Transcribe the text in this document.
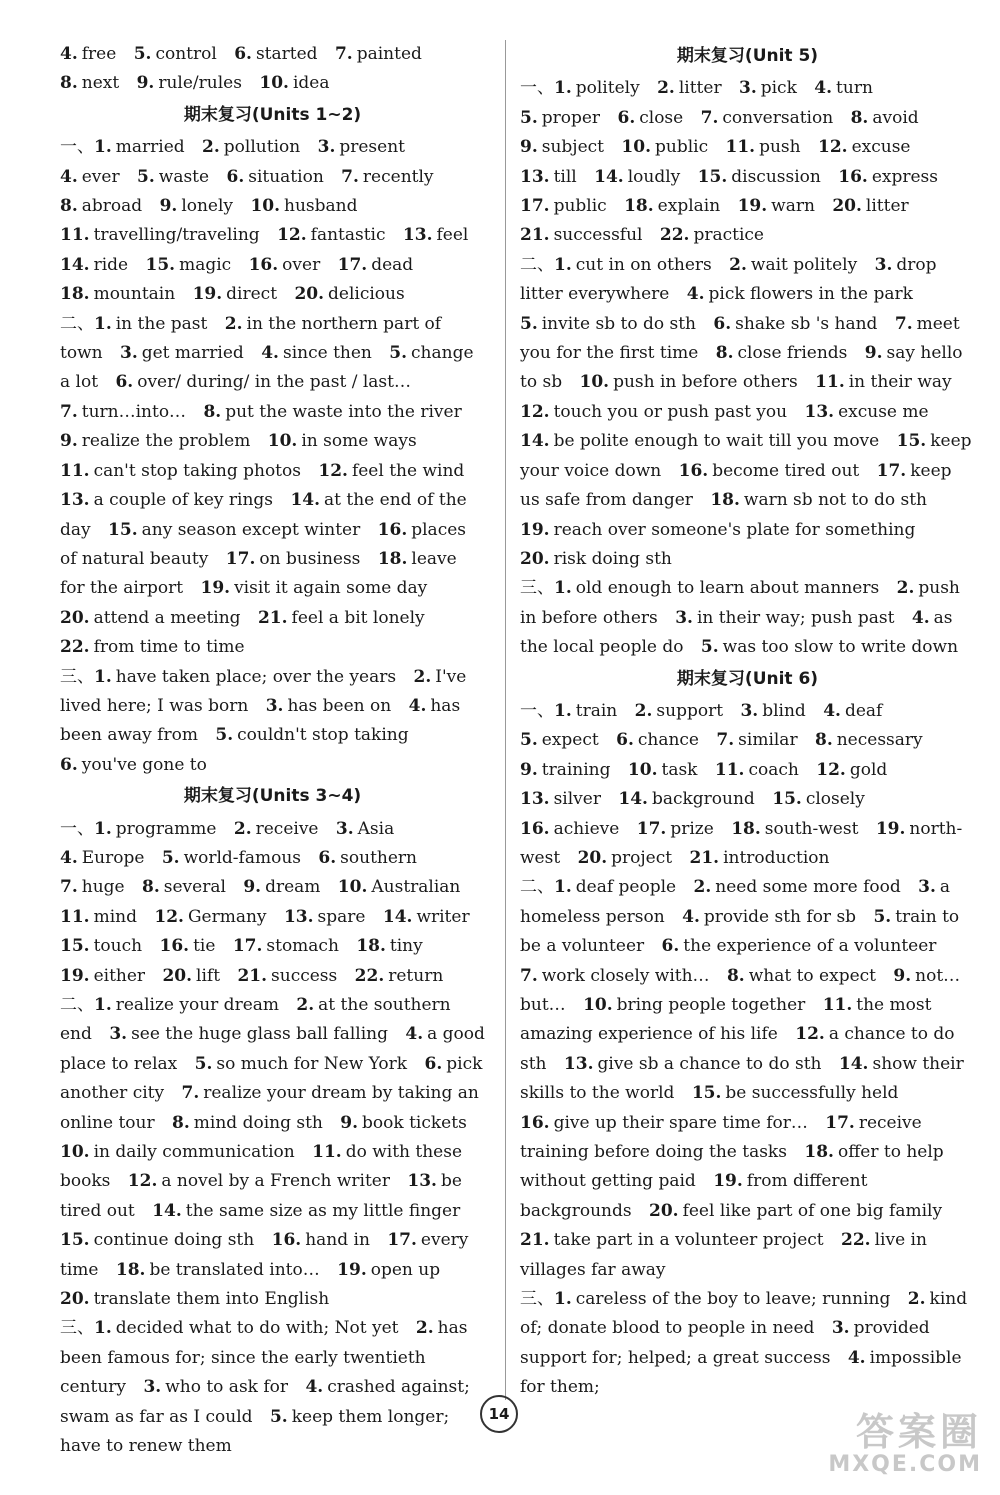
4. free 5. control 6. started 7. painted 8. next 9. rule/rules 10. idea
期末复习(Units 1~2)
一、1. married 2. pollution 3. present 4. ever 5. waste 6. situation 7. recently 8. abroad 9. lonely 10. husband 11. travelling/traveling 12. fantastic 13. feel 14. ride 15. magic 16. over 17. dead 18. mountain 19. direct 20. delicious
二、1. in the past 2. in the northern part of town 3. get married 4. since then 5. change a lot 6. over/ during/ in the past / last… 7. turn…into… 8. put the waste into the river 9. realize the problem 10. in some ways 11. can't stop taking photos 12. feel the wind 13. a couple of key rings 14. at the end of the day 15. any season except winter 16. places of natural beauty 17. on business 18. leave for the airport 19. visit it again some day 20. attend a meeting 21. feel a bit lonely 22. from time to time
三、1. have taken place; over the years 2. I've lived here; I was born 3. has been on 4. has been away from 5. couldn't stop taking 6. you've gone to
期末复习(Units 3~4)
一、1. programme 2. receive 3. Asia 4. Europe 5. world-famous 6. southern 7. huge 8. several 9. dream 10. Australian 11. mind 12. Germany 13. spare 14. writer 15. touch 16. tie 17. stomach 18. tiny 19. either 20. lift 21. success 22. return
二、1. realize your dream 2. at the southern end 3. see the huge glass ball falling 4. a good place to relax 5. so much for New York 6. pick another city 7. realize your dream by taking an online tour 8. mind doing sth 9. book tickets 10. in daily communication 11. do with these books 12. a novel by a French writer 13. be tired out 14. the same size as my little finger 15. continue doing sth 16. hand in 17. every time 18. be translated into… 19. open up 20. translate them into English
三、1. decided what to do with; Not yet 2. has been famous for; since the early twentieth century 3. who to ask for 4. crashed against; swam as far as I could 5. keep them longer; have to renew them
期末复习(Unit 5)
一、1. politely 2. litter 3. pick 4. turn 5. proper 6. close 7. conversation 8. avoid 9. subject 10. public 11. push 12. excuse 13. till 14. loudly 15. discussion 16. express 17. public 18. explain 19. warn 20. litter 21. successful 22. practice
二、1. cut in on others 2. wait politely 3. drop litter everywhere 4. pick flowers in the park 5. invite sb to do sth 6. shake sb 's hand 7. meet you for the first time 8. close friends 9. say hello to sb 10. push in before others 11. in their way 12. touch you or push past you 13. excuse me 14. be polite enough to wait till you move 15. keep your voice down 16. become tired out 17. keep us safe from danger 18. warn sb not to do sth 19. reach over someone's plate for something 20. risk doing sth
三、1. old enough to learn about manners 2. push in before others 3. in their way; push past 4. as the local people do 5. was too slow to write down
期末复习(Unit 6)
一、1. train 2. support 3. blind 4. deaf 5. expect 6. chance 7. similar 8. necessary 9. training 10. task 11. coach 12. gold 13. silver 14. background 15. closely 16. achieve 17. prize 18. south-west 19. north-west 20. project 21. introduction
二、1. deaf people 2. need some more food 3. a homeless person 4. provide sth for sb 5. train to be a volunteer 6. the experience of a volunteer 7. work closely with… 8. what to expect 9. not…but… 10. bring people together 11. the most amazing experience of his life 12. a chance to do sth 13. give sb a chance to do sth 14. show their skills to the world 15. be successfully held 16. give up their spare time for… 17. receive training before doing the tasks 18. offer to help without getting paid 19. from different backgrounds 20. feel like part of one big family 21. take part in a volunteer project 22. live in villages far away
三、1. careless of the boy to leave; running 2. kind of; donate blood to people in need 3. provided support for; helped; a great success 4. impossible for them;
14	答案圈
MXQE.COM
